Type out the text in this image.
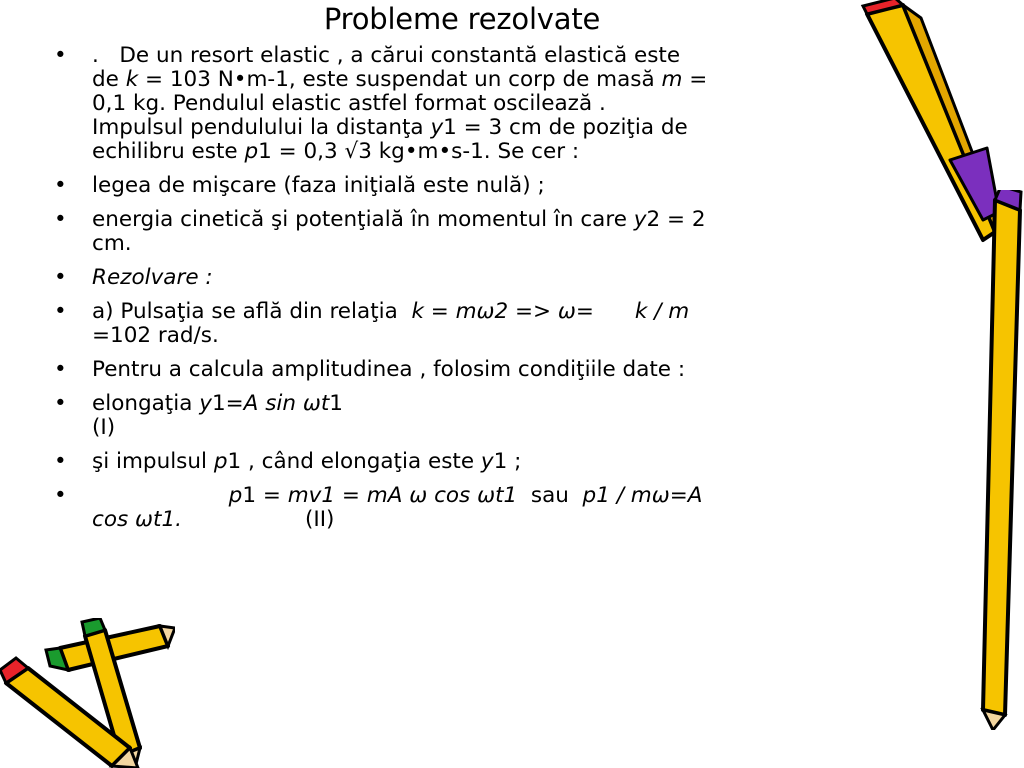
Probleme rezolvate
• .   De un resort elastic , a cărui constantă elastică este
de k = 103 N•m-1, este suspendat un corp de masă m =
0,1 kg. Pendulul elastic astfel format oscilează .
Impulsul pendulului la distanţa y1 = 3 cm de poziţia de
echilibru este p1 = 0,3 √3 kg•m•s-1. Se cer :
• legea de mişcare (faza iniţială este nulă) ;
• energia cinetică şi potenţială în momentul în care y2 = 2
cm.
• Rezolvare :
• a) Pulsaţia se află din relaţia  k = mω2 => ω=      k / m
=102 rad/s.
• Pentru a calcula amplitudinea , folosim condiţiile date :
• elongaţia y1=A sin ωt1
(I)
• şi impulsul p1 , când elongaţia este y1 ;
• p1 = mv1 = mA ω cos ωt1  sau  p1 / mω=A
cos ωt1.                  (II)
